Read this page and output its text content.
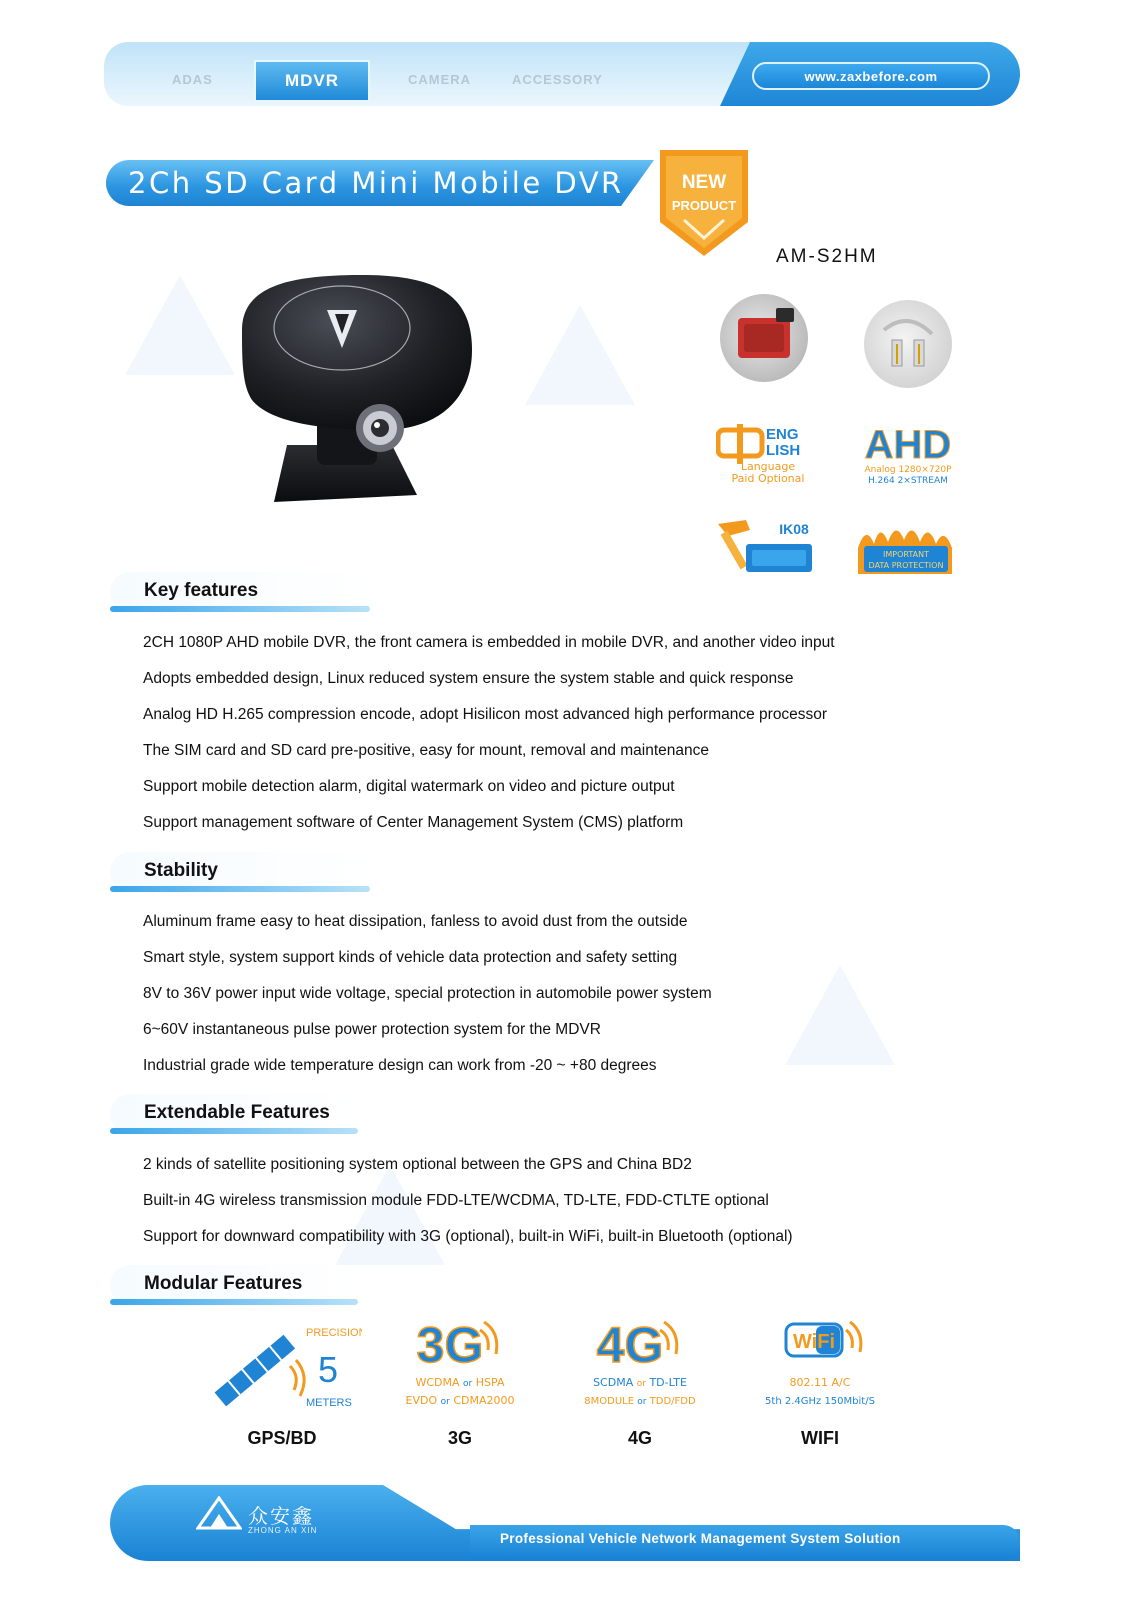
ADAS	MDVR	CAMERA	ACCESSORY	www.zaxbefore.com
2Ch SD Card Mini Mobile DVR	NEW
PRODUCT
AM-S2HM
ENG
LISH
Language
Paid Optional
AHD
Analog 1280×720P
H.264 2×STREAM
IK08
IMPORTANT
DATA PROTECTION
Key features
2CH 1080P AHD mobile DVR, the front camera is embedded in mobile DVR, and another video input
Adopts embedded design, Linux reduced system ensure the system stable and quick response
Analog HD H.265 compression encode, adopt Hisilicon most advanced high performance processor
The SIM card and SD card pre-positive, easy for mount, removal and maintenance
Support mobile detection alarm, digital watermark on video and picture output
Support management software of Center Management System (CMS) platform
Stability
Aluminum frame easy to heat dissipation, fanless to avoid dust from the outside
Smart style, system support kinds of vehicle data protection and safety setting
8V to 36V power input wide voltage, special protection in automobile power system
6~60V instantaneous pulse power protection system for the MDVR
Industrial grade wide temperature design can work from -20 ~ +80 degrees
Extendable Features
2 kinds of satellite positioning system optional between the GPS and China BD2
Built-in 4G wireless transmission module FDD-LTE/WCDMA, TD-LTE, FDD-CTLTE optional
Support for downward compatibility with 3G (optional), built-in WiFi, built-in Bluetooth (optional)
Modular Features
PRECISION
5
METERS
GPS/BD
3G
WCDMA or HSPA
EVDO or CDMA2000
3G
4G
SCDMA or TD-LTE
8MODULE or TDD/FDD
4G
WiFi
802.11 A/C
5th 2.4GHz 150Mbit/S
WIFI
众安鑫
ZHONG AN XIN
Professional Vehicle Network Management System Solution
